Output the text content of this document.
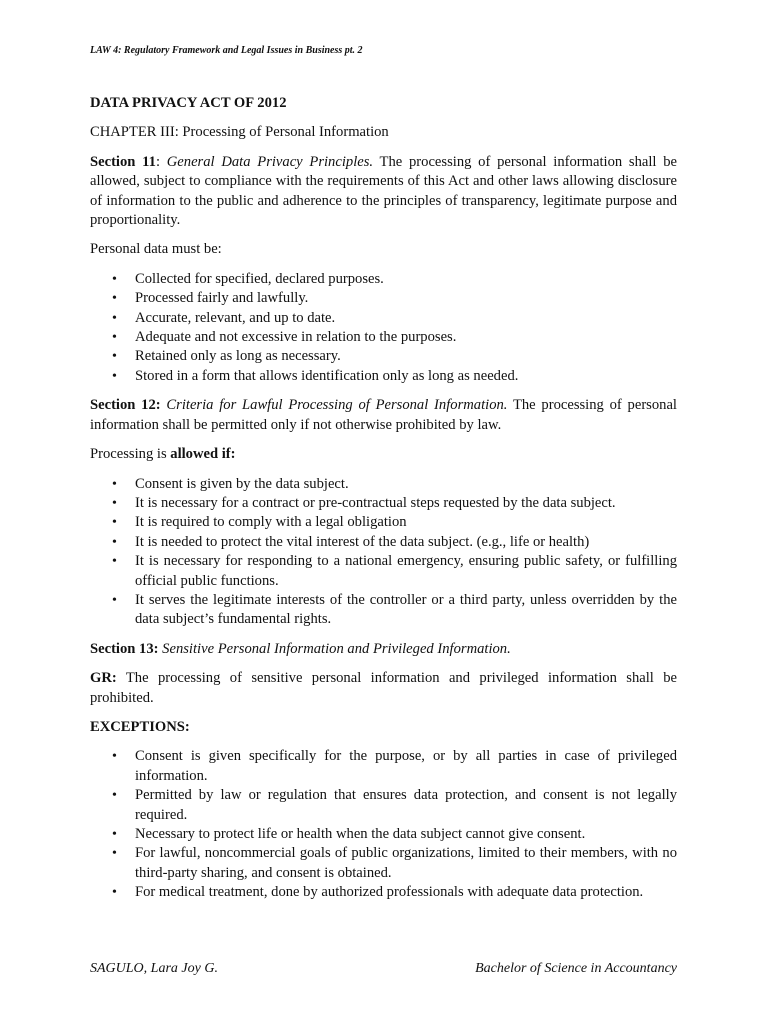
LAW 4: Regulatory Framework and Legal Issues in Business pt. 2

DATA PRIVACY ACT OF 2012

CHAPTER III: Processing of Personal Information

Section 11: General Data Privacy Principles. The processing of personal information shall be allowed, subject to compliance with the requirements of this Act and other laws allowing disclosure of information to the public and adherence to the principles of transparency, legitimate purpose and proportionality.

Personal data must be:

• Collected for specified, declared purposes.
• Processed fairly and lawfully.
• Accurate, relevant, and up to date.
• Adequate and not excessive in relation to the purposes.
• Retained only as long as necessary.
• Stored in a form that allows identification only as long as needed.

Section 12: Criteria for Lawful Processing of Personal Information. The processing of personal information shall be permitted only if not otherwise prohibited by law.

Processing is allowed if:

• Consent is given by the data subject.
• It is necessary for a contract or pre-contractual steps requested by the data subject.
• It is required to comply with a legal obligation
• It is needed to protect the vital interest of the data subject. (e.g., life or health)
• It is necessary for responding to a national emergency, ensuring public safety, or fulfilling official public functions.
• It serves the legitimate interests of the controller or a third party, unless overridden by the data subject’s fundamental rights.

Section 13: Sensitive Personal Information and Privileged Information.

GR: The processing of sensitive personal information and privileged information shall be prohibited.

EXCEPTIONS:

• Consent is given specifically for the purpose, or by all parties in case of privileged information.
• Permitted by law or regulation that ensures data protection, and consent is not legally required.
• Necessary to protect life or health when the data subject cannot give consent.
• For lawful, noncommercial goals of public organizations, limited to their members, with no third-party sharing, and consent is obtained.
• For medical treatment, done by authorized professionals with adequate data protection.
SAGULO, Lara Joy G.	Bachelor of Science in Accountancy
